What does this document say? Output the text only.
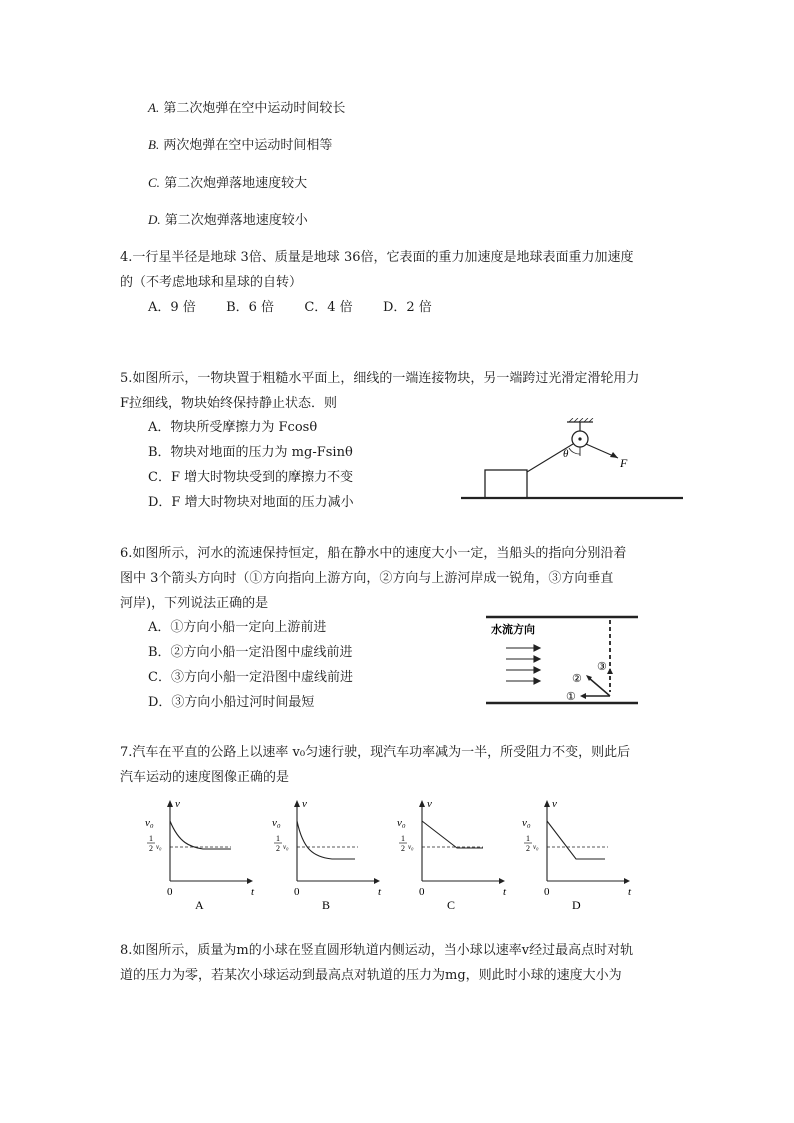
A. 第二次炮弹在空中运动时间较长
B. 两次炮弹在空中运动时间相等
C. 第二次炮弹落地速度较大
D. 第二次炮弹落地速度较小
4.一行星半径是地球 3倍、质量是地球 36倍，它表面的重力加速度是地球表面重力加速度
的（不考虑地球和星球的自转）
A．9 倍 B．6 倍 C．4 倍 D．2 倍
5.如图所示，一物块置于粗糙水平面上，细线的一端连接物块，另一端跨过光滑定滑轮用力
F拉细线，物块始终保持静止状态．则
A．物块所受摩擦力为 Fcosθ
B．物块对地面的压力为 mg-Fsinθ
C．F 增大时物块受到的摩擦力不变
D．F 增大时物块对地面的压力减小
θ
F
6.如图所示，河水的流速保持恒定，船在静水中的速度大小一定，当船头的指向分别沿着
图中 3个箭头方向时（①方向指向上游方向，②方向与上游河岸成一锐角，③方向垂直
河岸)，下列说法正确的是
A．①方向小船一定向上游前进
B．②方向小船一定沿图中虚线前进
C．③方向小船一定沿图中虚线前进
D．③方向小船过河时间最短
水流方向
①
②
③
7.汽车在平直的公路上以速率 v₀匀速行驶，现汽车功率减为一半，所受阻力不变，则此后
汽车运动的速度图像正确的是
v
v₀
1
2 v₀
0	t
A
v
v₀
1
2 v₀
0	t
B
v
v₀
1
2 v₀
0	t
C
v
v₀
1
2 v₀
0	t
D
8.如图所示，质量为m的小球在竖直圆形轨道内侧运动，当小球以速率v经过最高点时对轨
道的压力为零，若某次小球运动到最高点对轨道的压力为mg，则此时小球的速度大小为
